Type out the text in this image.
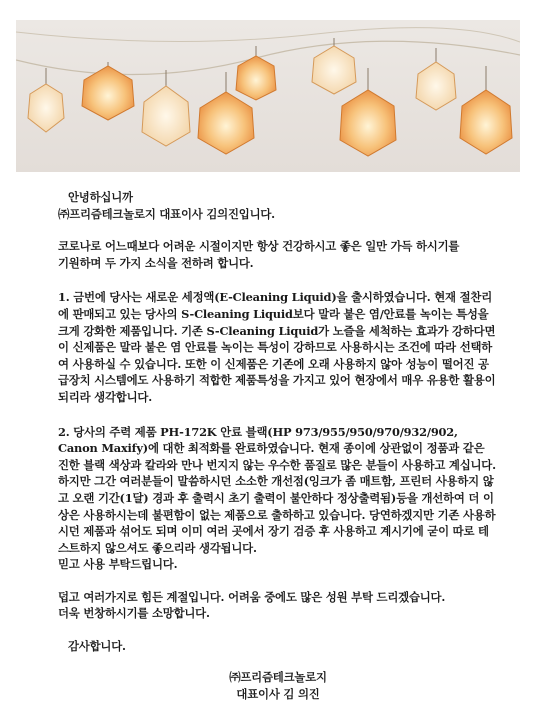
안녕하십니까

㈜프리즘테크놀로지 대표이사 김의진입니다.

코로나로 어느때보다 어려운 시절이지만 항상 건강하시고 좋은 일만 가득 하시기를

기원하며 두 가지 소식을 전하려 합니다.

1. 금번에 당사는 새로운 세정액(E-Cleaning Liquid)을 출시하였습니다. 현재 절찬리에 판매되고 있는 당사의 S-Cleaning Liquid보다 말라 붙은 염/안료를 녹이는 특성을 크게 강화한 제품입니다. 기존 S-Cleaning Liquid가 노즐을 세척하는 효과가 강하다면 이 신제품은 말라 붙은 염 안료를 녹이는 특성이 강하므로 사용하시는 조건에 따라 선택하여 사용하실 수 있습니다. 또한 이 신제품은 기존에 오래 사용하지 않아 성능이 떨어진 공급장치 시스템에도 사용하기 적합한 제품특성을 가지고 있어 현장에서 매우 유용한 활용이 되리라 생각합니다.

2. 당사의 주력 제품 PH-172K 안료 블랙(HP 973/955/950/970/932/902, Canon Maxify)에 대한 최적화를 완료하였습니다. 현재 종이에 상관없이 정품과 같은 진한 블랙 색상과 칼라와 만나 번지지 않는 우수한 품질로 많은 분들이 사용하고 계십니다. 하지만 그간 여러분들이 말씀하시던 소소한 개선점(잉크가 좀 매트함, 프린터 사용하지 않고 오랜 기간(1달) 경과 후 출력시 초기 출력이 불안하다 정상출력됨)등을 개선하여 더 이상은 사용하시는데 불편함이 없는 제품으로 출하하고 있습니다. 당연하겠지만 기존 사용하시던 제품과 섞어도 되며 이미 여러 곳에서 장기 검증 후 사용하고 계시기에 굳이 따로 테스트하지 않으셔도 좋으리라 생각됩니다.

믿고 사용 부탁드립니다.

덥고 여러가지로 힘든 계절입니다. 어려움 중에도 많은 성원 부탁 드리겠습니다.

더욱 번창하시기를 소망합니다.

감사합니다.

㈜프리즘테크놀로지

대표이사 김 의진
